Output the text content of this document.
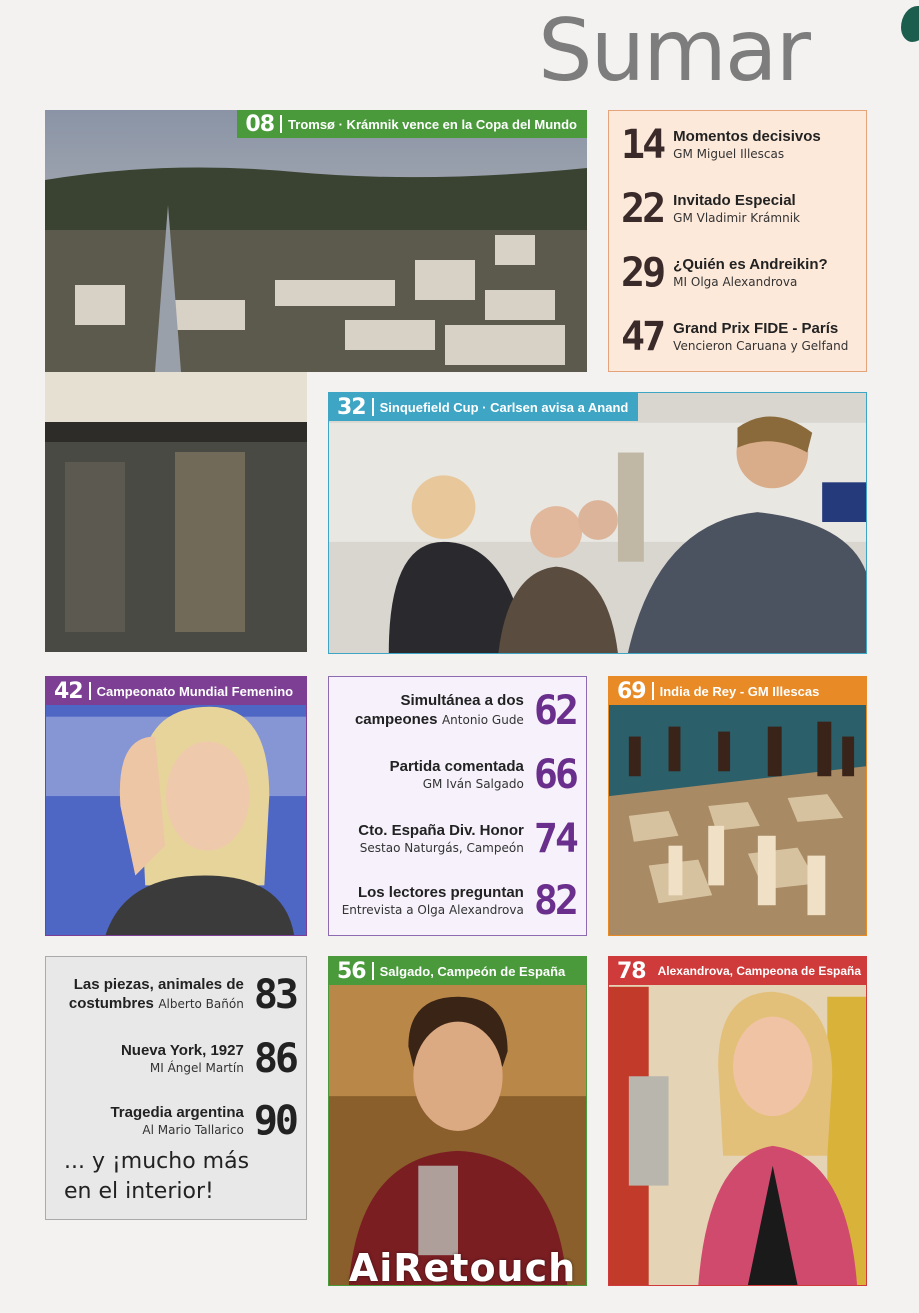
Sumar
08 Tromsø · Krámnik vence en la Copa del Mundo 14 Momentos decisivos
GM Miguel Illescas
22 Invitado Especial
GM Vladimir Krámnik
29 ¿Quién es Andreikin?
MI Olga Alexandrova
47 Grand Prix FIDE - París
Vencieron Caruana y Gelfand
32 Sinquefield Cup · Carlsen avisa a Anand
42 Campeonato Mundial Femenino
Simultánea a dos
campeones Antonio Gude 62
Partida comentada
GM Iván Salgado 66
Cto. España Div. Honor
Sestao Naturgás, Campeón 74
Los lectores preguntan
Entrevista a Olga Alexandrova 82
69 India de Rey - GM Illescas
Las piezas, animales de
costumbres Alberto Bañón 83
Nueva York, 1927
MI Ángel Martín 86
Tragedia argentina
Al Mario Tallarico 90
... y ¡mucho más
en el interior!
56 Salgado, Campeón de España 78 Alexandrova, Campeona de España
AiRetouch
